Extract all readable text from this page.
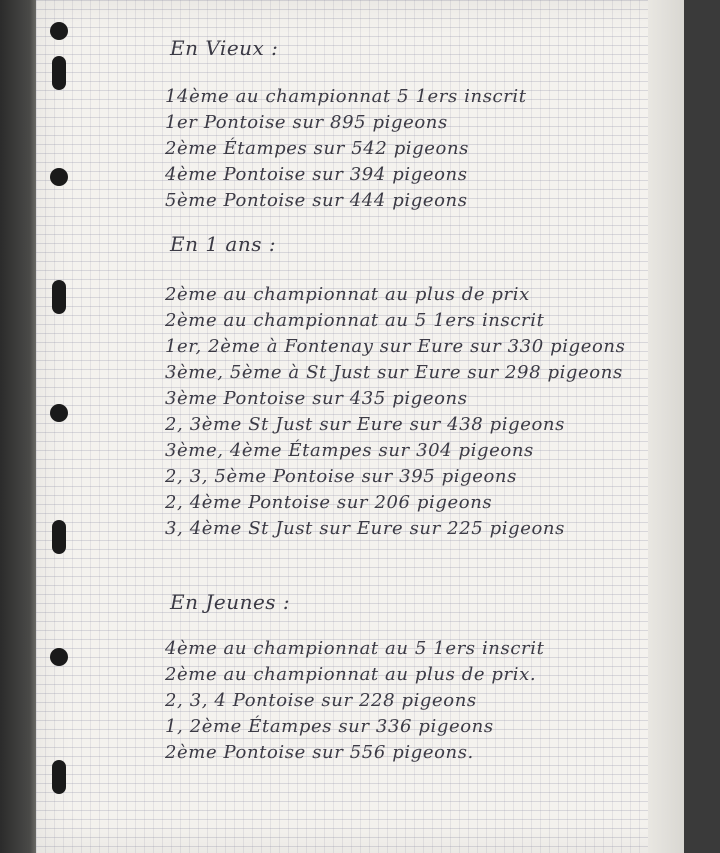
En Vieux :
14ème au championnat 5 1ers inscrit
1er Pontoise sur 895 pigeons
2ème Étampes sur 542 pigeons
4ème Pontoise sur 394 pigeons
5ème Pontoise sur 444 pigeons
En 1 ans :
2ème au championnat au plus de prix
2ème au championnat au 5 1ers inscrit
1er, 2ème à Fontenay sur Eure sur 330 pigeons
3ème, 5ème à St Just sur Eure sur 298 pigeons
3ème Pontoise sur 435 pigeons
2, 3ème St Just sur Eure sur 438 pigeons
3ème, 4ème Étampes sur 304 pigeons
2, 3, 5ème Pontoise sur 395 pigeons
2, 4ème Pontoise sur 206 pigeons
3, 4ème St Just sur Eure sur 225 pigeons
En Jeunes :
4ème au championnat au 5 1ers inscrit
2ème au championnat au plus de prix.
2, 3, 4 Pontoise sur 228 pigeons
1, 2ème Étampes sur 336 pigeons
2ème Pontoise sur 556 pigeons.
